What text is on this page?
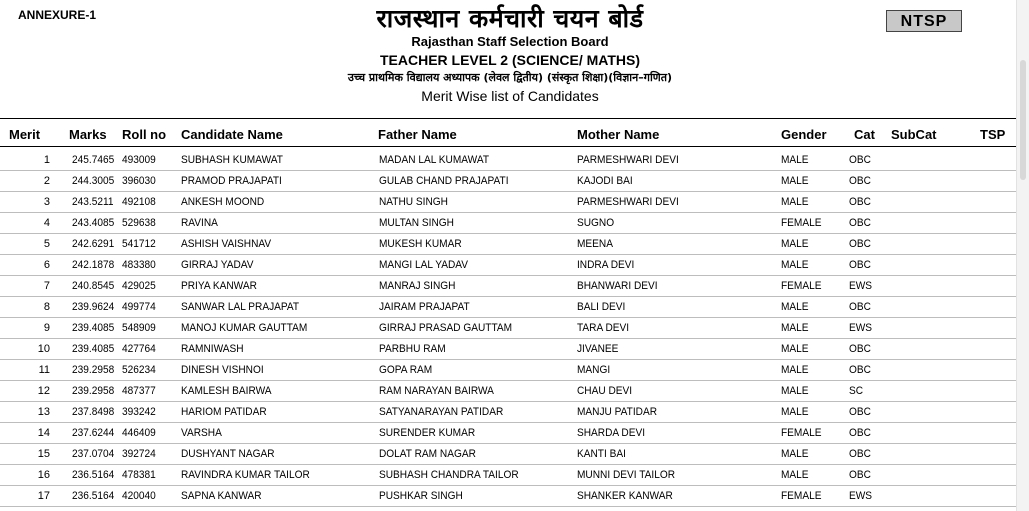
ANNEXURE-1	NTSP
राजस्थान कर्मचारी चयन बोर्ड
Rajasthan Staff Selection Board
TEACHER LEVEL 2 (SCIENCE/ MATHS)
उच्च प्राथमिक विद्यालय अध्यापक (लेवल द्वितीय) (संस्कृत शिक्षा)(विज्ञान–गणित)
Merit Wise list of Candidates
Merit Marks Roll no Candidate Name	Father Name	Mother Name	Gender Cat SubCat	TSP
1 245.7465 493009 SUBHASH KUMAWAT	MADAN LAL KUMAWAT	PARMESHWARI DEVI	MALE	OBC
2 244.3005 396030 PRAMOD PRAJAPATI	GULAB CHAND PRAJAPATI	KAJODI BAI	MALE	OBC
3 243.5211 492108 ANKESH MOOND	NATHU SINGH	PARMESHWARI DEVI	MALE	OBC
4 243.4085 529638 RAVINA	MULTAN SINGH	SUGNO	FEMALE	OBC
5 242.6291 541712 ASHISH VAISHNAV	MUKESH KUMAR	MEENA	MALE	OBC
6 242.1878 483380 GIRRAJ YADAV	MANGI LAL YADAV	INDRA DEVI	MALE	OBC
7 240.8545 429025 PRIYA KANWAR	MANRAJ SINGH	BHANWARI DEVI	FEMALE	EWS
8 239.9624 499774 SANWAR LAL PRAJAPAT	JAIRAM PRAJAPAT	BALI DEVI	MALE	OBC
9 239.4085 548909 MANOJ KUMAR GAUTTAM	GIRRAJ PRASAD GAUTTAM	TARA DEVI	MALE	EWS
10 239.4085 427764 RAMNIWASH	PARBHU RAM	JIVANEE	MALE	OBC
11 239.2958 526234 DINESH VISHNOI	GOPA RAM	MANGI	MALE	OBC
12 239.2958 487377 KAMLESH BAIRWA	RAM NARAYAN BAIRWA	CHAU DEVI	MALE	SC
13 237.8498 393242 HARIOM PATIDAR	SATYANARAYAN PATIDAR	MANJU PATIDAR	MALE	OBC
14 237.6244 446409 VARSHA	SURENDER KUMAR	SHARDA DEVI	FEMALE	OBC
15 237.0704 392724 DUSHYANT NAGAR	DOLAT RAM NAGAR	KANTI BAI	MALE	OBC
16 236.5164 478381 RAVINDRA KUMAR TAILOR	SUBHASH CHANDRA TAILOR	MUNNI DEVI TAILOR	MALE	OBC
17 236.5164 420040 SAPNA KANWAR	PUSHKAR SINGH	SHANKER KANWAR	FEMALE	EWS
